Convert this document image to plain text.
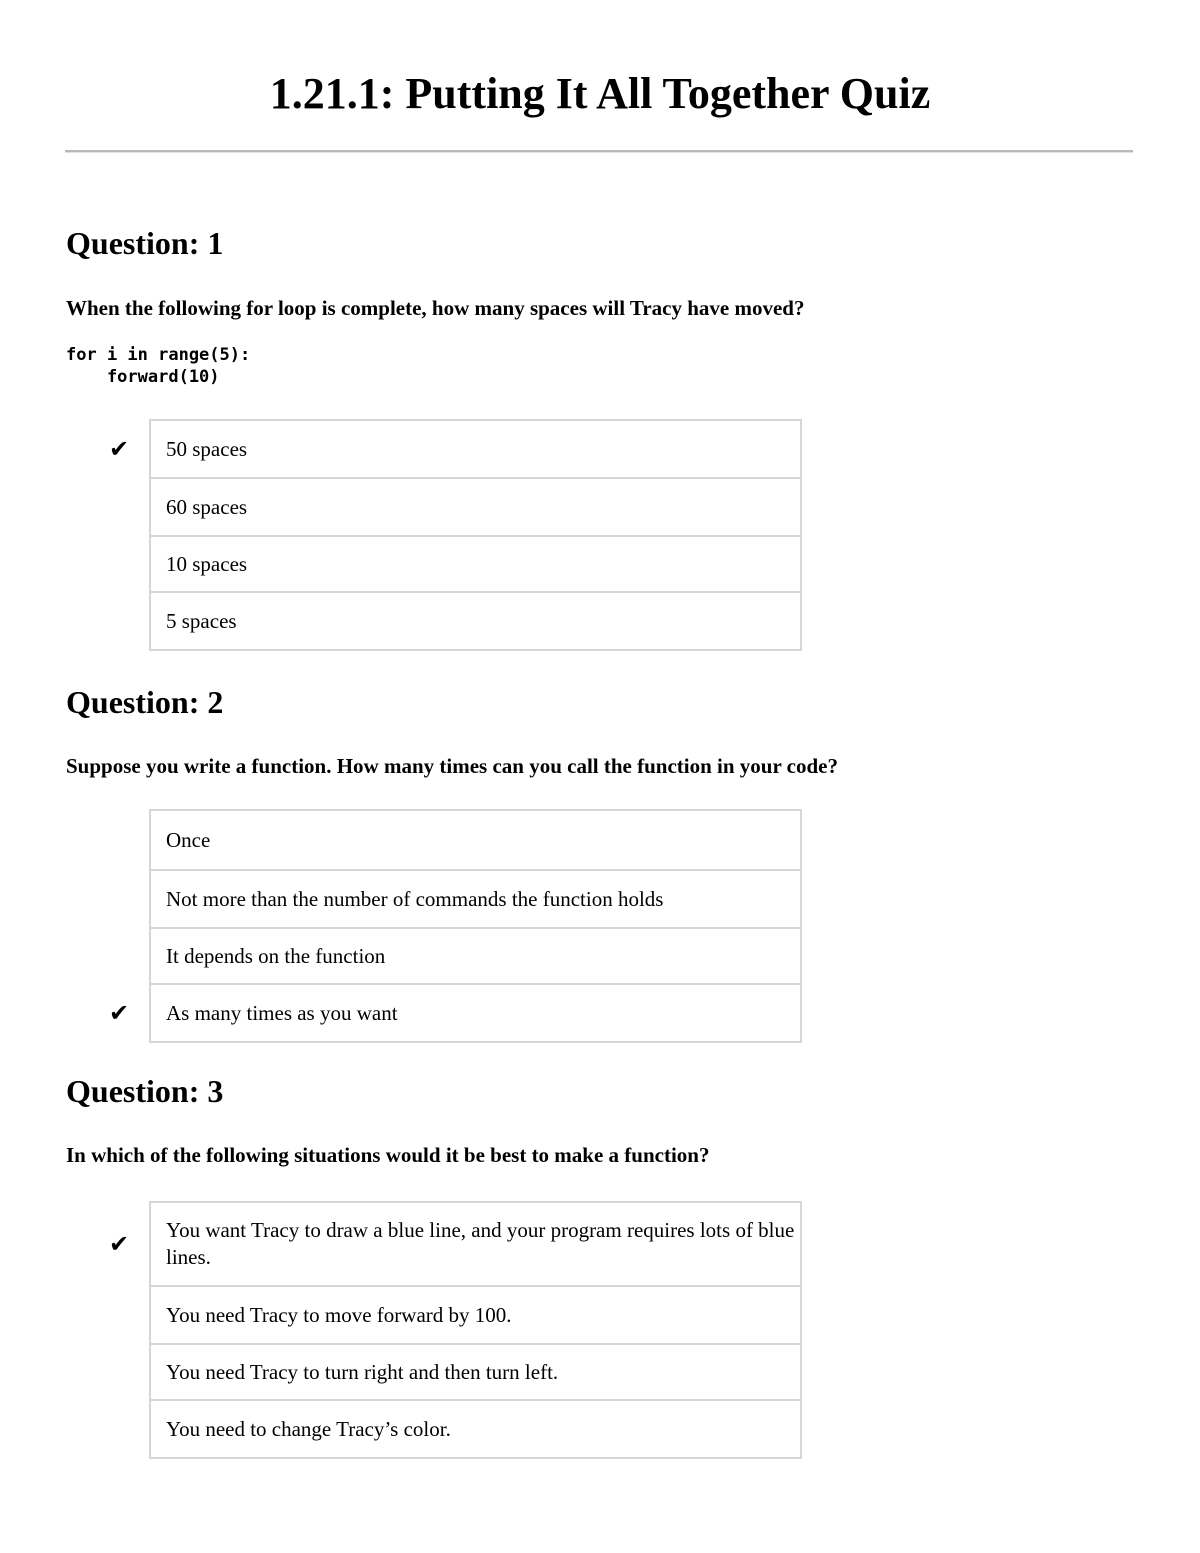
1.21.1: Putting It All Together Quiz
Question: 1

When the following for loop is complete, how many spaces will Tracy have moved?

for i in range(5):
forward(10)
✔ 50 spaces
60 spaces
10 spaces
5 spaces
Question: 2

Suppose you write a function. How many times can you call the function in your code?

Once
Not more than the number of commands the function holds
It depends on the function
✔ As many times as you want
Question: 3

In which of the following situations would it be best to make a function?

✔ You want Tracy to draw a blue line, and your program requires lots of blue lines.
You need Tracy to move forward by 100.
You need Tracy to turn right and then turn left.
You need to change Tracy’s color.
